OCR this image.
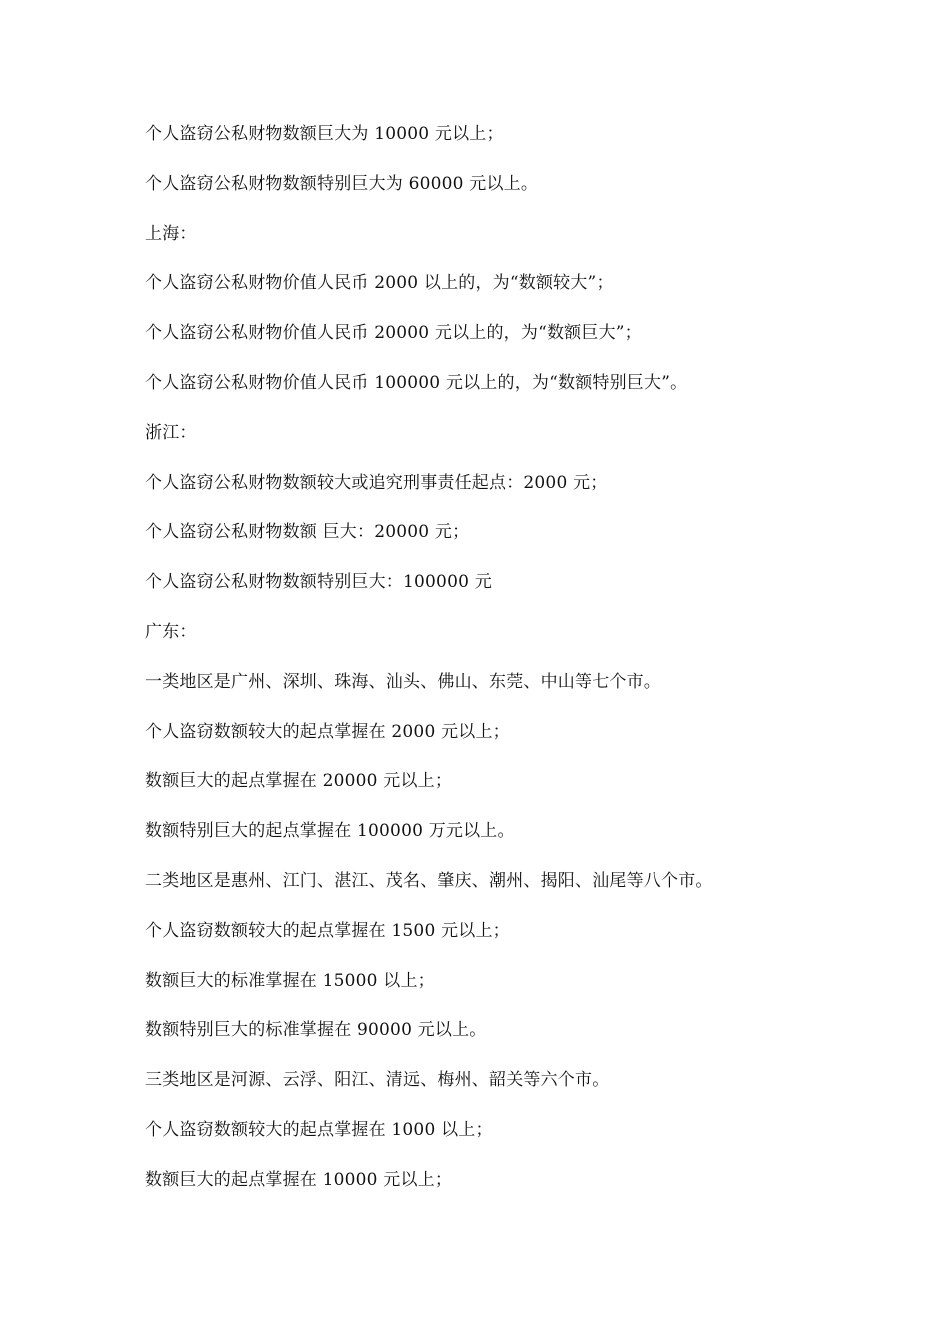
个人盗窃公私财物数额巨大为 10000 元以上；

个人盗窃公私财物数额特别巨大为 60000 元以上。

上海：

个人盗窃公私财物价值人民币 2000 以上的，为“数额较大”；

个人盗窃公私财物价值人民币 20000 元以上的，为“数额巨大”；

个人盗窃公私财物价值人民币 100000 元以上的，为“数额特别巨大”。

浙江：

个人盗窃公私财物数额较大或追究刑事责任起点：2000 元；

个人盗窃公私财物数额 巨大：20000 元；

个人盗窃公私财物数额特别巨大：100000 元

广东：

一类地区是广州、深圳、珠海、汕头、佛山、东莞、中山等七个市。

个人盗窃数额较大的起点掌握在 2000 元以上；

数额巨大的起点掌握在 20000 元以上；

数额特别巨大的起点掌握在 100000 万元以上。

二类地区是惠州、江门、湛江、茂名、肇庆、潮州、揭阳、汕尾等八个市。

个人盗窃数额较大的起点掌握在 1500 元以上；

数额巨大的标准掌握在 15000 以上；

数额特别巨大的标准掌握在 90000 元以上。

三类地区是河源、云浮、阳江、清远、梅州、韶关等六个市。

个人盗窃数额较大的起点掌握在 1000 以上；

数额巨大的起点掌握在 10000 元以上；
